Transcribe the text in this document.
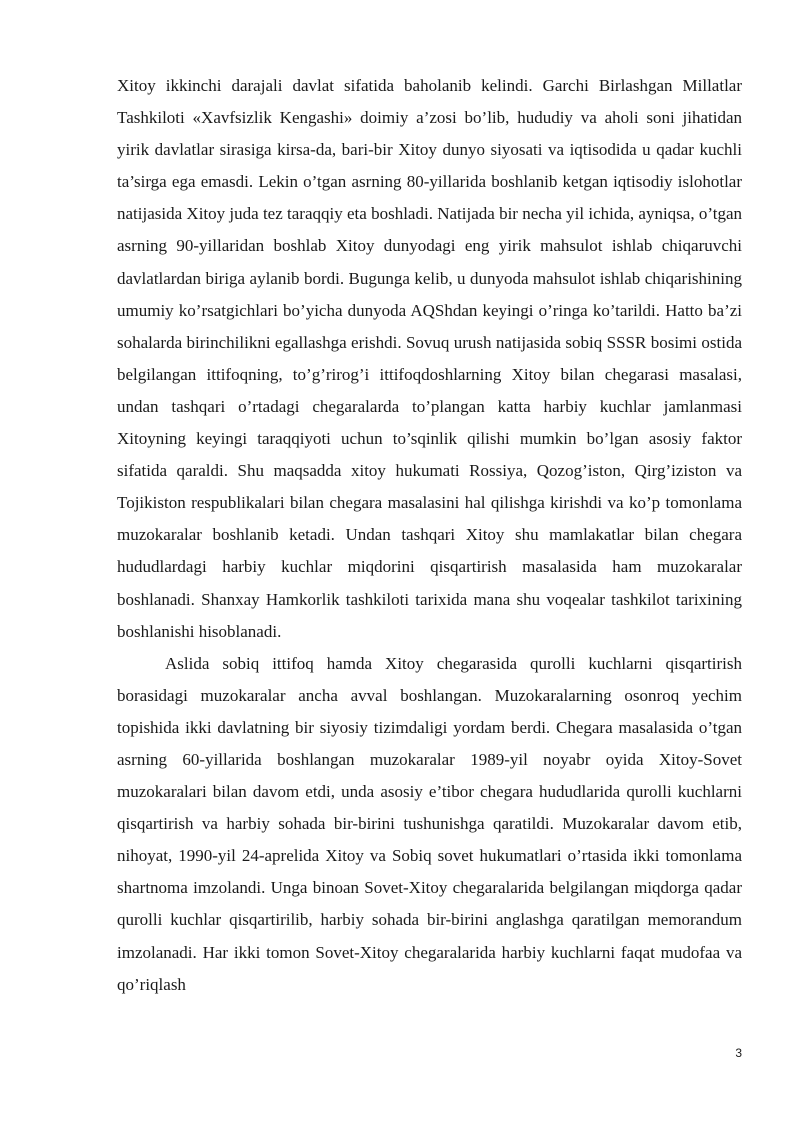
Xitoy ikkinchi darajali davlat sifatida baholanib kelindi. Garchi Birlashgan Millatlar Tashkiloti «Xavfsizlik Kengashi» doimiy a’zosi bo’lib, hududiy va aholi soni jihatidan yirik davlatlar sirasiga kirsa-da, bari-bir Xitoy dunyo siyosati va iqtisodida u qadar kuchli ta’sirga ega emasdi. Lekin o’tgan asrning 80-yillarida boshlanib ketgan iqtisodiy islohotlar natijasida Xitoy juda tez taraqqiy eta boshladi. Natijada bir necha yil ichida, ayniqsa, o’tgan asrning 90-yillaridan boshlab Xitoy dunyodagi eng yirik mahsulot ishlab chiqaruvchi davlatlardan biriga aylanib bordi. Bugunga kelib, u dunyoda mahsulot ishlab chiqarishining umumiy ko’rsatgichlari bo’yicha dunyoda AQShdan keyingi o’ringa ko’tarildi. Hatto ba’zi sohalarda birinchilikni egallashga erishdi. Sovuq urush natijasida sobiq SSSR bosimi ostida belgilangan ittifoqning, to’g’rirog’i ittifoqdoshlarning Xitoy bilan chegarasi masalasi, undan tashqari o’rtadagi chegaralarda to’plangan katta harbiy kuchlar jamlanmasi Xitoyning keyingi taraqqiyoti uchun to’sqinlik qilishi mumkin bo’lgan asosiy faktor sifatida qaraldi. Shu maqsadda xitoy hukumati Rossiya, Qozog’iston, Qirg’iziston va Tojikiston respublikalari bilan chegara masalasini hal qilishga kirishdi va ko’p tomonlama muzokaralar boshlanib ketadi. Undan tashqari Xitoy shu mamlakatlar bilan chegara hududlardagi harbiy kuchlar miqdorini qisqartirish masalasida ham muzokaralar boshlanadi. Shanxay Hamkorlik tashkiloti tarixida mana shu voqealar tashkilot tarixining boshlanishi hisoblanadi.

Aslida sobiq ittifoq hamda Xitoy chegarasida qurolli kuchlarni qisqartirish borasidagi muzokaralar ancha avval boshlangan. Muzokaralarning osonroq yechim topishida ikki davlatning bir siyosiy tizimdaligi yordam berdi. Chegara masalasida o’tgan asrning 60-yillarida boshlangan muzokaralar 1989-yil noyabr oyida Xitoy-Sovet muzokaralari bilan davom etdi, unda asosiy e’tibor chegara hududlarida qurolli kuchlarni qisqartirish va harbiy sohada bir-birini tushunishga qaratildi. Muzokaralar davom etib, nihoyat, 1990-yil 24-aprelida Xitoy va Sobiq sovet hukumatlari o’rtasida ikki tomonlama shartnoma imzolandi. Unga binoan Sovet-Xitoy chegaralarida belgilangan miqdorga qadar qurolli kuchlar qisqartirilib, harbiy sohada bir-birini anglashga qaratilgan memorandum imzolanadi. Har ikki tomon Sovet-Xitoy chegaralarida harbiy kuchlarni faqat mudofaa va qo’riqlash

3
